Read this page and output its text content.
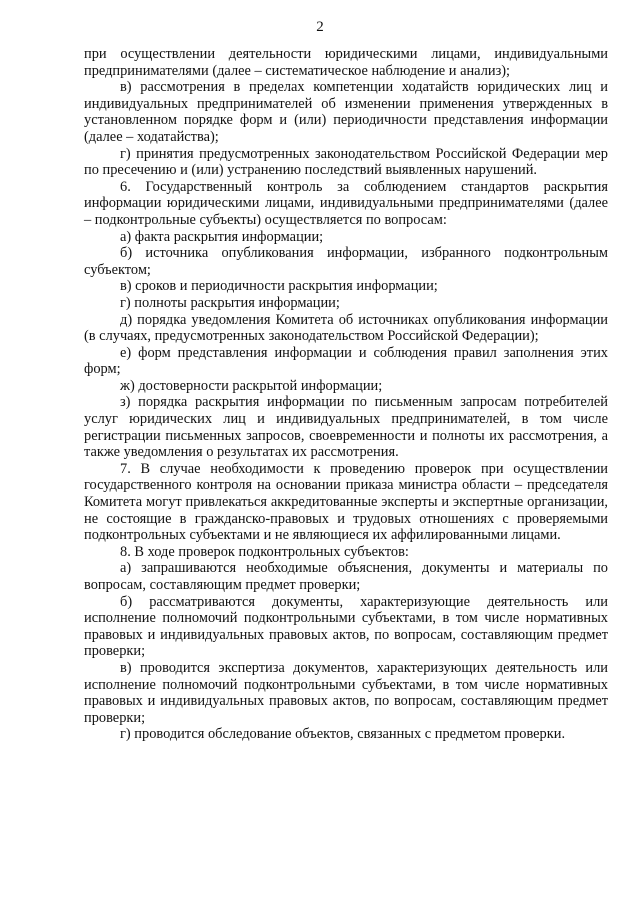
2

при осуществлении деятельности юридическими лицами, индивидуальными предпринимателями (далее – систематическое наблюдение и анализ);

в) рассмотрения в пределах компетенции ходатайств юридических лиц и индивидуальных предпринимателей об изменении применения утвержденных в установленном порядке форм и (или) периодичности представления информации (далее – ходатайства);

г) принятия предусмотренных законодательством Российской Федерации мер по пресечению и (или) устранению последствий выявленных нарушений.

6. Государственный контроль за соблюдением стандартов раскрытия информации юридическими лицами, индивидуальными предпринимателями (далее – подконтрольные субъекты) осуществляется по вопросам:

а) факта раскрытия информации;

б) источника опубликования информации, избранного подконтрольным субъектом;

в) сроков и периодичности раскрытия информации;

г) полноты раскрытия информации;

д) порядка уведомления Комитета об источниках опубликования информации (в случаях, предусмотренных законодательством Российской Федерации);

е) форм представления информации и соблюдения правил заполнения этих форм;

ж) достоверности раскрытой информации;

з) порядка раскрытия информации по письменным запросам потребителей услуг юридических лиц и индивидуальных предпринимателей, в том числе регистрации письменных запросов, своевременности и полноты их рассмотрения, а также уведомления о результатах их рассмотрения.

7. В случае необходимости к проведению проверок при осуществлении государственного контроля на основании приказа министра области – председателя Комитета могут привлекаться аккредитованные эксперты и экспертные организации, не состоящие в гражданско-правовых и трудовых отношениях с проверяемыми подконтрольных субъектами и не являющиеся их аффилированными лицами.

8. В ходе проверок подконтрольных субъектов:

а) запрашиваются необходимые объяснения, документы и материалы по вопросам, составляющим предмет проверки;

б) рассматриваются документы, характеризующие деятельность или исполнение полномочий подконтрольными субъектами, в том числе нормативных правовых и индивидуальных правовых актов, по вопросам, составляющим предмет проверки;

в) проводится экспертиза документов, характеризующих деятельность или исполнение полномочий подконтрольными субъектами, в том числе нормативных правовых и индивидуальных правовых актов, по вопросам, составляющим предмет проверки;

г) проводится обследование объектов, связанных с предметом проверки.
